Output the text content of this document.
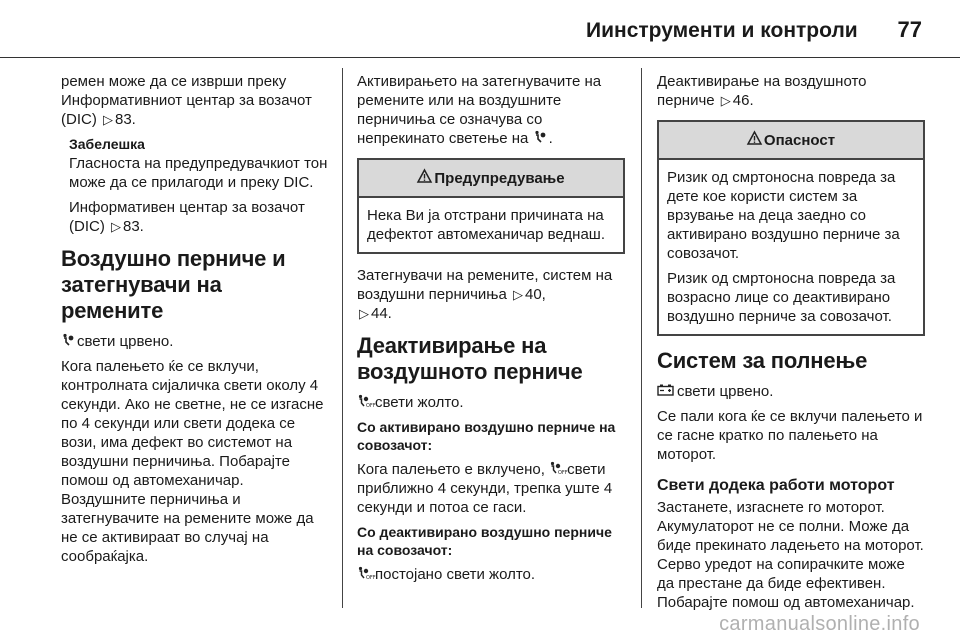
Иинструменти и контроли 77

ремен може да се изврши преку Информативниот центар за возачот (DIC) ▷ 83.

Забелешка

Гласноста на предупредувачкиот тон може да се прилагоди и преку DIC.

Информативен центар за возачот (DIC) ▷ 83.

Воздушно перниче и затегнувачи на ремените

свети црвено.

Кога палењето ќе се вклучи, контролната сијаличка свети околу 4 секунди. Ако не светне, не се изгасне по 4 секунди или свети додека се вози, има дефект во системот на воздушни перничиња. Побарајте помош од автомеханичар. Воздушните перничиња и затегнувачите на ремените може да не се активираат во случај на сообраќајка.

Активирањето на затегнувачите на ремените или на воздушните перничиња се означува со непрекинато светење на .

Предупредување
Нека Ви ја отстрани причината на дефектот автомеханичар веднаш.

Затегнувачи на ремените, систем на воздушни перничиња ▷ 40,
▷ 44.

Деактивирање на воздушното перниче

OFF свети жолто.

Со активирано воздушно перниче на совозачот:

Кога палењето е вклучено, OFF свети приближно 4 секунди, трепка уште 4 секунди и потоа се гаси.

Со деактивирано воздушно перниче на совозачот:

OFF постојано свети жолто.

Деактивирање на воздушното перниче ▷ 46.

Опасност

Ризик од смртоносна повреда за дете кое користи систем за врзување на деца заедно со активирано воздушно перниче за совозачот.

Ризик од смртоносна повреда за возрасно лице со деактивирано воздушно перниче за совозачот.

Систем за полнење

свети црвено.

Се пали кога ќе се вклучи палењето и се гасне кратко по палењето на моторот.

Свети додека работи моторот

Застанете, изгаснете го моторот. Акумулаторот не се полни. Може да биде прекинато ладењето на моторот. Серво уредот на сопирачките може да престане да биде ефективен. Побарајте помош од автомеханичар.

carmanualsonline.info
